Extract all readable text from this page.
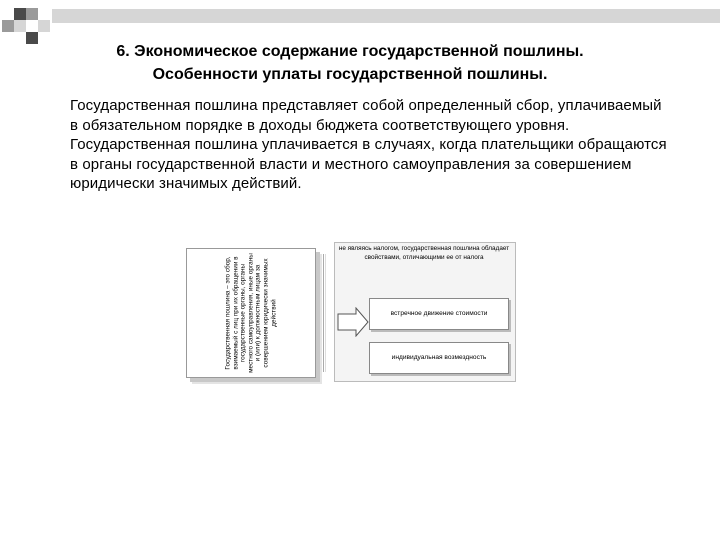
6. Экономическое содержание государственной пошлины.
Особенности уплаты государственной пошлины.
Государственная пошлина представляет собой определенный сбор, уплачиваемый в обязательном порядке в доходы бюджета соответствующего уровня. Государственная пошлина уплачивается в случаях, когда плательщики обращаются в органы государственной власти и местного самоуправления за совершением юридически значимых действий.
Государственная пошлина – это сбор, взимаемый с лиц при их обращении в государственные органы, органы местного самоуправления, иные органы и (или) к должностным лицам за совершением юридически значимых действий
не являясь налогом, государственная пошлина обладает свойствами, отличающими ее от налога
встречное движение стоимости
индивидуальная возмездность
